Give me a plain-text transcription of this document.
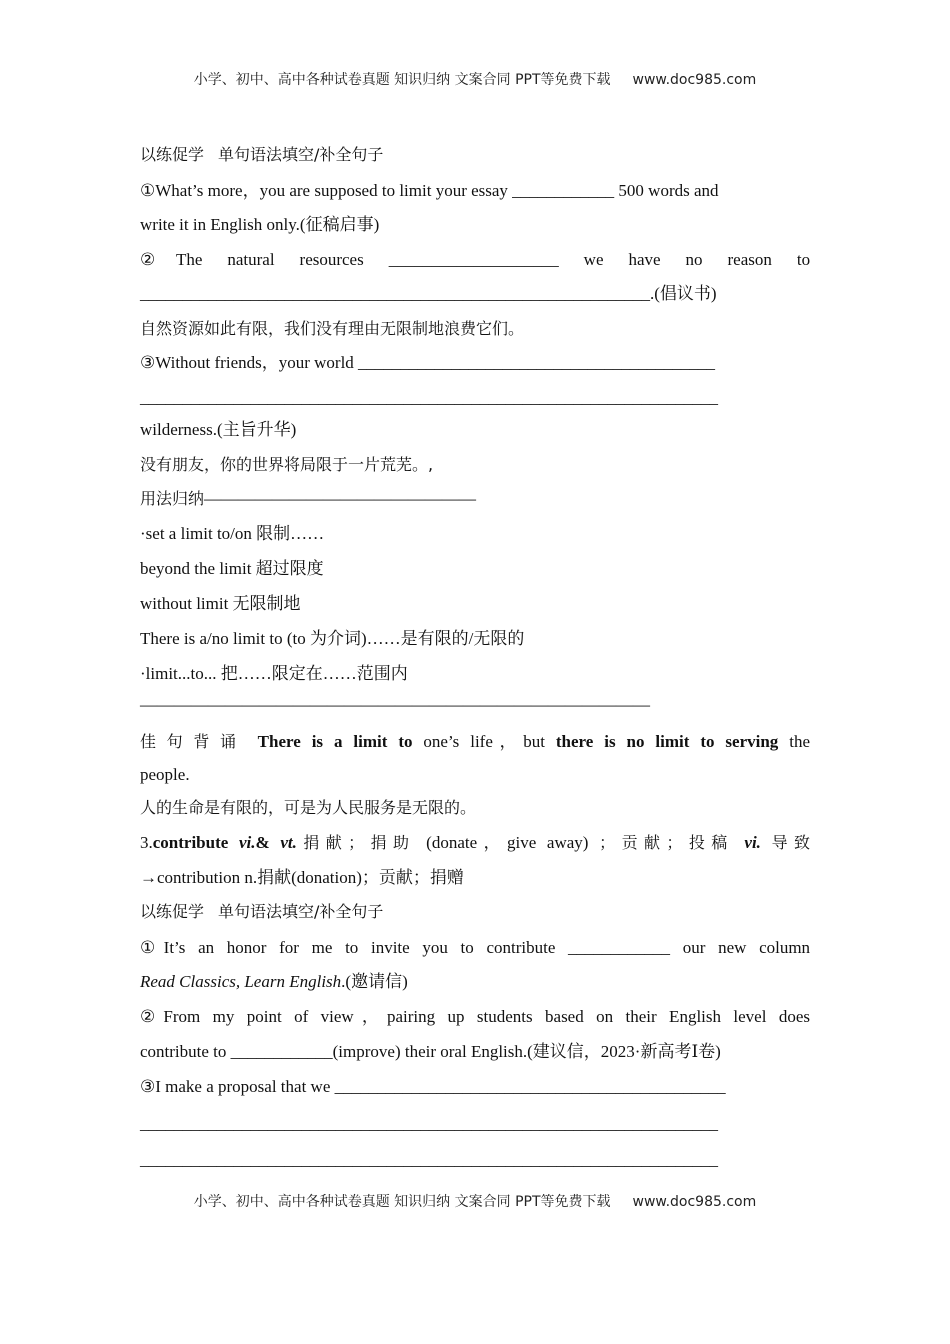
小学、初中、高中各种试卷真题 知识归纳 文案合同 PPT等免费下载 www.doc985.com
以练促学 单句语法填空/补全句子
①What’s more，you are supposed to limit your essay ____________ 500 words and
write it in English only.(征稿启事)
②The natural resources ____________________ we have no reason to
____________________________________________________________.(倡议书)
自然资源如此有限，我们没有理由无限制地浪费它们。
③Without friends，your world __________________________________________
____________________________________________________________________
wilderness.(主旨升华)
没有朋友，你的世界将局限于一片荒芜。,
用法归纳————————————————
·set a limit to/on 限制……
beyond the limit 超过限度
without limit 无限制地
There is a/no limit to (to 为介词)……是有限的/无限的
·limit...to... 把……限定在……范围内
——————————————————————————————
佳句背诵 There is a limit to one’s life，but there is no limit to serving the
people.
人的生命是有限的，可是为人民服务是无限的。
3.contribute vi.& vt.捐献；捐助 (donate，give away) ；贡献；投稿 vi. 导致
→contribution n.捐献(donation)；贡献；捐赠
以练促学 单句语法填空/补全句子
①It’s an honor for me to invite you to contribute ____________ our new column
Read Classics, Learn English.(邀请信)
②From my point of view，pairing up students based on their English level does
contribute to ____________(improve) their oral English.(建议信，2023·新高考Ⅰ卷)
③I make a proposal that we ______________________________________________
____________________________________________________________________
____________________________________________________________________
小学、初中、高中各种试卷真题 知识归纳 文案合同 PPT等免费下载 www.doc985.com
